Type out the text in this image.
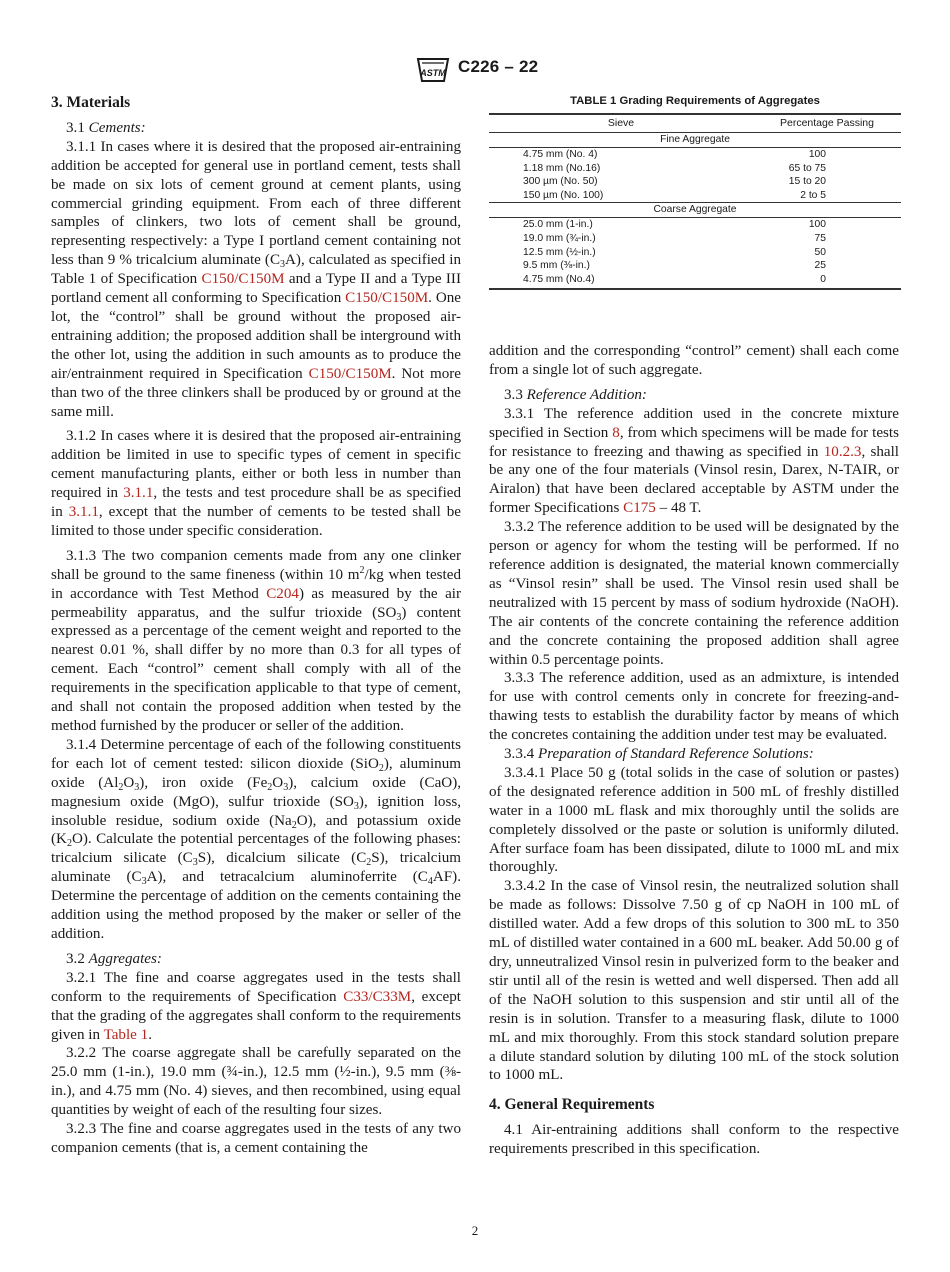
ASTM C226 – 22
3. Materials

3.1 Cements:

3.1.1 In cases where it is desired that the proposed air-entraining addition be accepted for general use in portland cement, tests shall be made on six lots of cement ground at cement plants, using commercial grinding equipment. From each of three different samples of clinkers, two lots of cement shall be ground, representing respectively: a Type I portland cement containing not less than 9 % tricalcium aluminate $(C_3A)$, calculated as specified in Table 1 of Specification C150/C150M and a Type II and a Type III portland cement all conforming to Specification C150/C150M. One lot, the “control” shall be ground without the proposed air-entraining addition; the proposed addition shall be interground with the other lot, using the addition in such amounts as to produce the air/entrainment required in Specification C150/C150M. Not more than two of the three clinkers shall be produced by or ground at the same mill.

3.1.2 In cases where it is desired that the proposed air-entraining addition be limited in use to specific types of cement in specific cement manufacturing plants, either or both less in number than required in 3.1.1, the tests and test procedure shall be as specified in 3.1.1, except that the number of cements to be tested shall be limited to those under specific consideration.

3.1.3 The two companion cements made from any one clinker shall be ground to the same fineness (within 10 $m^2/kg$ when tested in accordance with Test Method C204) as measured by the air permeability apparatus, and the sulfur trioxide $(SO_3)$ content expressed as a percentage of the cement weight and reported to the nearest 0.01 %, shall differ by no more than 0.3 for all types of cement. Each “control” cement shall comply with all of the requirements in the specification applicable to that type of cement, and shall not contain the proposed addition when tested by the method furnished by the producer or seller of the addition.

3.1.4 Determine percentage of each of the following constituents for each lot of cement tested: silicon dioxide (SiO$_2$), aluminum oxide $(Al_2O_3)$, iron oxide $(Fe_2O_3)$, calcium oxide (CaO), magnesium oxide (MgO), sulfur trioxide $(SO_3)$, ignition loss, insoluble residue, sodium oxide $(Na_2O)$, and potassium oxide $(K_2O)$. Calculate the potential percentages of the following phases: tricalcium silicate $(C_3S)$, dicalcium silicate $(C_2S)$, tricalcium aluminate $(C_3A)$, and tetracalcium aluminoferrite $(C_4AF)$. Determine the percentage of addition on the cements containing the addition using the method proposed by the maker or seller of the addition.

3.2 Aggregates:

3.2.1 The fine and coarse aggregates used in the tests shall conform to the requirements of Specification C33/C33M, except that the grading of the aggregates shall conform to the requirements given in Table 1.

3.2.2 The coarse aggregate shall be carefully separated on the 25.0 mm (1-in.), 19.0 mm (¾-in.), 12.5 mm (½-in.), 9.5 mm (⅜-in.), and 4.75 mm (No. 4) sieves, and then recombined, using equal quantities by weight of each of the resulting four sizes.

3.2.3 The fine and coarse aggregates used in the tests of any two companion cements (that is, a cement containing the

TABLE 1 Grading Requirements of Aggregates
Sieve	Percentage Passing
Fine Aggregate	
4.75 mm (No. 4)	100
1.18 mm (No.16)	65 to 75
300 µm (No. 50)	15 to 20
150 µm (No. 100)	2 to 5
Coarse Aggregate	
25.0 mm (1-in.)	100
19.0 mm (¾-in.)	75
12.5 mm (½-in.)	50
9.5 mm (⅜-in.)	25
4.75 mm (No.4)	0

addition and the corresponding “control” cement) shall each come from a single lot of such aggregate.

3.3 Reference Addition:

3.3.1 The reference addition used in the concrete mixture specified in Section 8, from which specimens will be made for tests for resistance to freezing and thawing as specified in 10.2.3, shall be any one of the four materials (Vinsol resin, Darex, N-TAIR, or Airalon) that have been declared acceptable by ASTM under the former Specifications C175 – 48 T.

3.3.2 The reference addition to be used will be designated by the person or agency for whom the testing will be performed. If no reference addition is designated, the material known commercially as “Vinsol resin” shall be used. The Vinsol resin used shall be neutralized with 15 percent by mass of sodium hydroxide (NaOH). The air contents of the concrete containing the reference addition and the concrete containing the proposed addition shall agree within 0.5 percentage points.

3.3.3 The reference addition, used as an admixture, is intended for use with control cements only in concrete for freezing-and-thawing tests to establish the durability factor by means of which the concretes containing the addition under test may be evaluated.

3.3.4 Preparation of Standard Reference Solutions:

3.3.4.1 Place 50 g (total solids in the case of solution or pastes) of the designated reference addition in 500 mL of freshly distilled water in a 1000 mL flask and mix thoroughly until the solids are completely dissolved or the paste or solution is uniformly diluted. After surface foam has been dissipated, dilute to 1000 mL and mix thoroughly.

3.3.4.2 In the case of Vinsol resin, the neutralized solution shall be made as follows: Dissolve 7.50 g of cp NaOH in 100 mL of distilled water. Add a few drops of this solution to 300 mL to 350 mL of distilled water contained in a 600 mL beaker. Add 50.00 g of dry, unneutralized Vinsol resin in pulverized form to the beaker and stir until all of the resin is wetted and well dispersed. Then add all of the NaOH solution to this suspension and stir until all of the resin is in solution. Transfer to a measuring flask, dilute to 1000 mL and mix thoroughly. From this stock standard solution prepare a dilute standard solution by diluting 100 mL of the stock solution to 1000 mL.

4. General Requirements

4.1 Air-entraining additions shall conform to the respective requirements prescribed in this specification.

2
